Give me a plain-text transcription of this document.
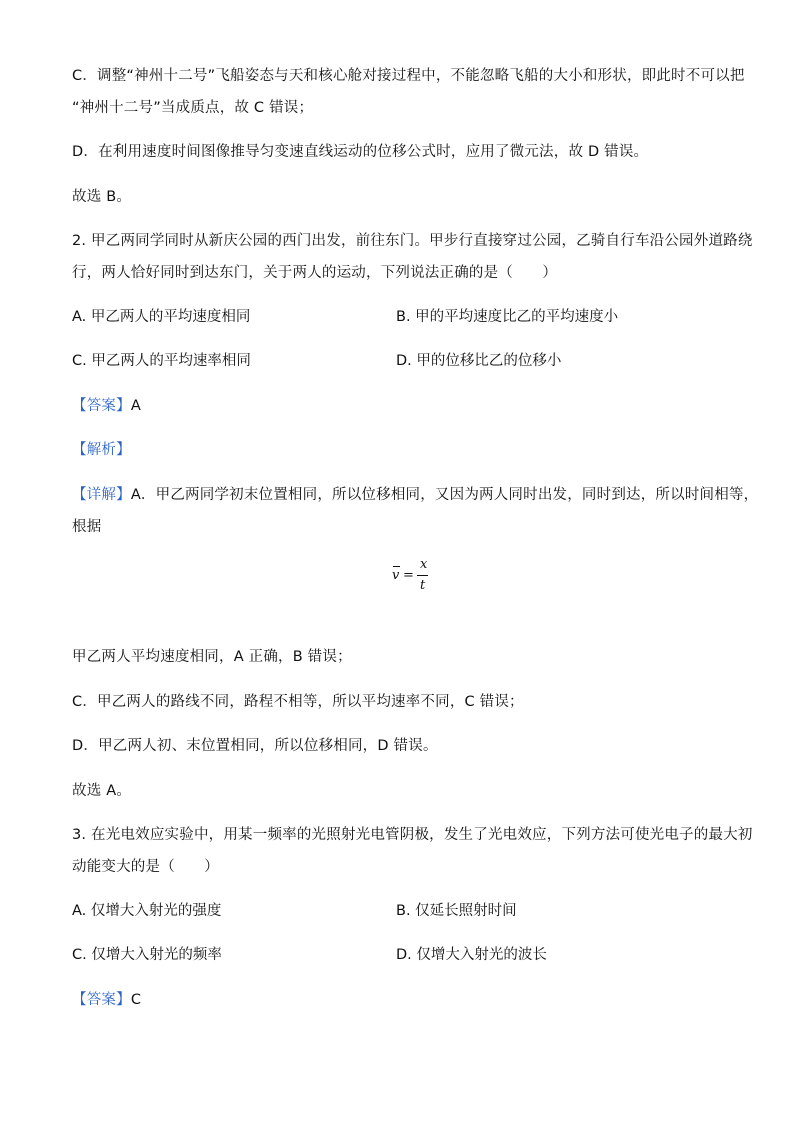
C．调整“神州十二号”飞船姿态与天和核心舱对接过程中，不能忽略飞船的大小和形状，即此时不可以把
“神州十二号”当成质点，故 C 错误；
D．在利用速度时间图像推导匀变速直线运动的位移公式时，应用了微元法，故 D 错误。
故选 B。
2. 甲乙两同学同时从新庆公园的西门出发，前往东门。甲步行直接穿过公园，乙骑自行车沿公园外道路绕
行，两人恰好同时到达东门，关于两人的运动，下列说法正确的是（　　）
A. 甲乙两人的平均速度相同	B. 甲的平均速度比乙的平均速度小
C. 甲乙两人的平均速率相同	D. 甲的位移比乙的位移小
【答案】A
【解析】
【详解】A．甲乙两同学初末位置相同，所以位移相同，又因为两人同时出发，同时到达，所以时间相等，
根据
v =
x
t
甲乙两人平均速度相同，A 正确，B 错误；
C．甲乙两人的路线不同，路程不相等，所以平均速率不同，C 错误；
D．甲乙两人初、末位置相同，所以位移相同，D 错误。
故选 A。
3. 在光电效应实验中，用某一频率的光照射光电管阴极，发生了光电效应，下列方法可使光电子的最大初
动能变大的是（　　）
A. 仅增大入射光的强度	B. 仅延长照射时间
C. 仅增大入射光的频率	D. 仅增大入射光的波长
【答案】C
